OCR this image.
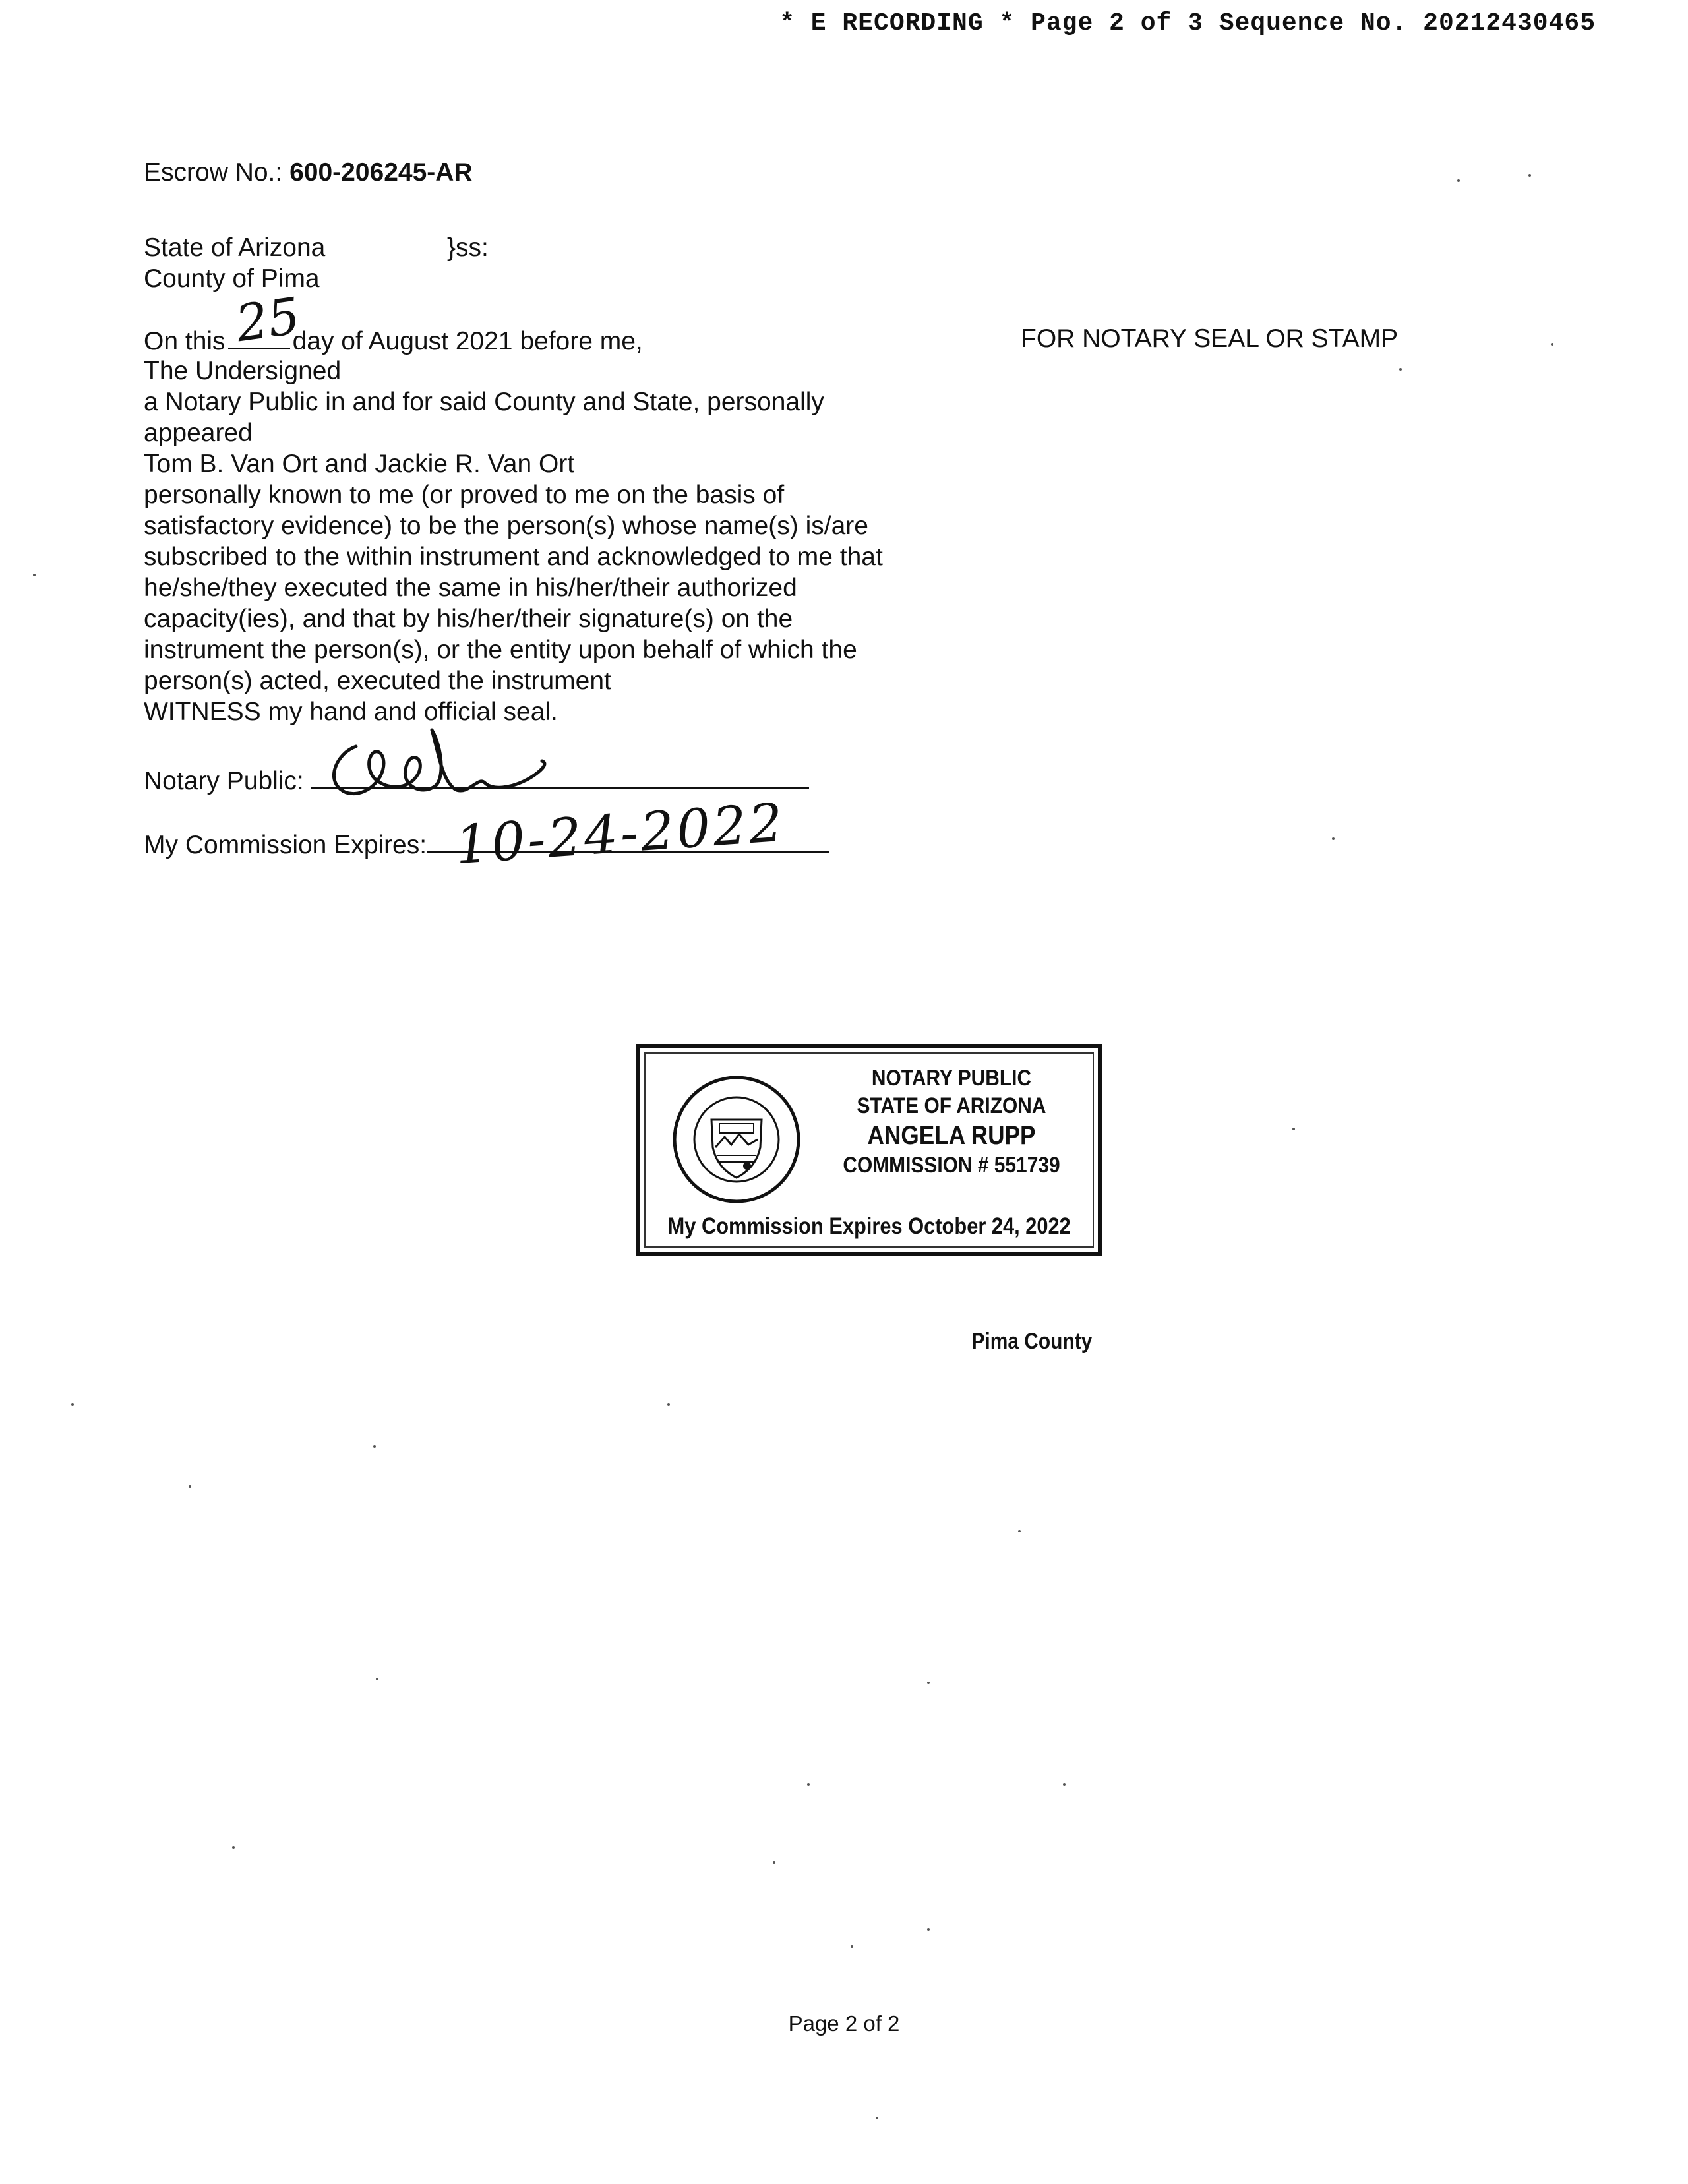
* E RECORDING * Page 2 of 3 Sequence No. 20212430465
Escrow No.: 600-206245-AR
State of Arizona	}ss:
County of Pima
On this	day of August 2021 before me,
25	FOR NOTARY SEAL OR STAMP
The Undersigned
a Notary Public in and for said County and State, personally
appeared
Tom B. Van Ort and Jackie R. Van Ort
personally known to me (or proved to me on the basis of
satisfactory evidence) to be the person(s) whose name(s) is/are
subscribed to the within instrument and acknowledged to me that
he/she/they executed the same in his/her/their authorized
capacity(ies), and that by his/her/their signature(s) on the
instrument the person(s), or the entity upon behalf of which the
person(s) acted, executed the instrument
WITNESS my hand and official seal.
Notary Public:
My Commission Expires: 10-24-2022
NOTARY PUBLIC
STATE OF ARIZONA
Pima County
ANGELA RUPP
COMMISSION # 551739
My Commission Expires October 24, 2022
Page 2 of 2
